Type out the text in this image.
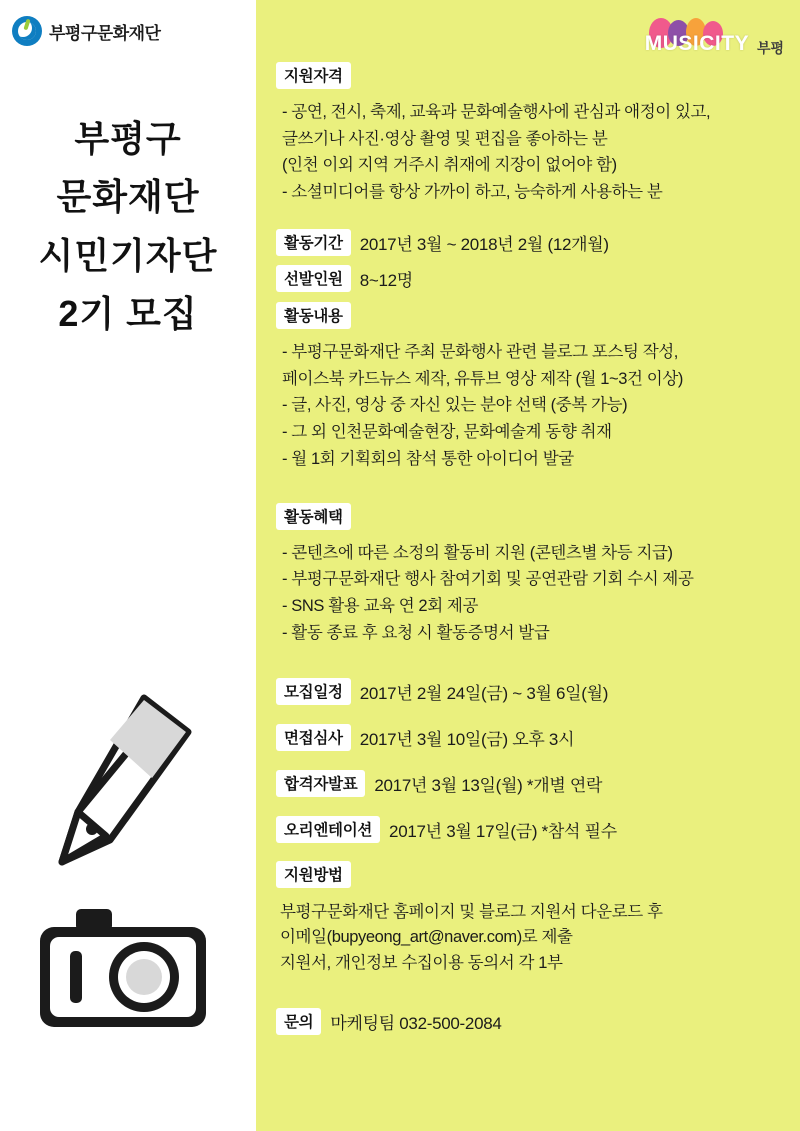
부평구문화재단
부평구
문화재단
시민기자단
2기 모집
MUSICITY 부평
지원자격
- 공연, 전시, 축제, 교육과 문화예술행사에 관심과 애정이 있고,
글쓰기나 사진·영상 촬영 및 편집을 좋아하는 분
(인천 이외 지역 거주시 취재에 지장이 없어야 함)
- 소셜미디어를 항상 가까이 하고, 능숙하게 사용하는 분
활동기간	2017년 3월 ~ 2018년 2월 (12개월)
선발인원	8~12명
활동내용
- 부평구문화재단 주최 문화행사 관련 블로그 포스팅 작성,
페이스북 카드뉴스 제작, 유튜브 영상 제작 (월 1~3건 이상)
- 글, 사진, 영상 중 자신 있는 분야 선택 (중복 가능)
- 그 외 인천문화예술현장, 문화예술계 동향 취재
- 월 1회 기획회의 참석 통한 아이디어 발굴
활동혜택
- 콘텐츠에 따른 소정의 활동비 지원 (콘텐츠별 차등 지급)
- 부평구문화재단 행사 참여기회 및 공연관람 기회 수시 제공
- SNS 활용 교육 연 2회 제공
- 활동 종료 후 요청 시 활동증명서 발급
모집일정	2017년 2월 24일(금) ~ 3월 6일(월)
면접심사	2017년 3월 10일(금) 오후 3시
합격자발표	2017년 3월 13일(월) *개별 연락
오리엔테이션	2017년 3월 17일(금) *참석 필수
지원방법
부평구문화재단 홈페이지 및 블로그 지원서 다운로드 후
이메일(bupyeong_art@naver.com)로 제출
지원서, 개인정보 수집이용 동의서 각 1부
문의	마케팅팀 032-500-2084
